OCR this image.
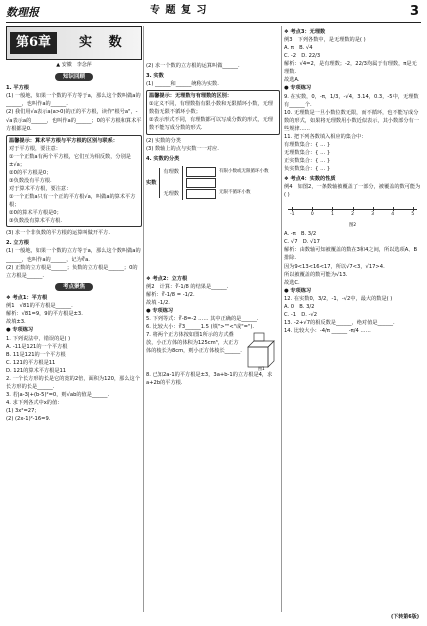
数理报	专 题 复 习	3
第6章	实 数
▲ 安徽　李念萍
知识回顾
1. 平方根
(1) 一般地，如果一个数的平方等于a，那么这个数叫做a的______，也叫作a的______.
(2) 我们用√a表示a(a>0)的正的平方根，读作"根号a"，-√a表示a的______，也叫作a的______；0的平方根和算术平方根都是0.
温馨提示：算术平方根与平方根的区别与联系：
对于平方根，要注意：
①一个正数a有两个平方根，它们互为相反数，分别是±√a；
②0的平方根是0；
③负数没有平方根.
对于算术平方根，要注意：
①一个正数a只有一个正的平方根√a，叫做a的算术平方根；
②0的算术平方根是0；
③负数没有算术平方根.
(3) 求一个非负数的平方根的运算叫做开平方.
2. 立方根
(1) 一般地，如果一个数的立方等于a，那么这个数叫做a的______，也叫作a的______，记为∛a.
(2) 正数的立方根是______；负数的立方根是______；0的立方根是______.
考点聚焦
❖ 考点1：平方根
例1　√81的平方根是______.
解析：√81=9，9的平方根是±3.
故填±3.
● 专项练习
1. 下列说法中，错误的是( )
A. -11是121的一个平方根
B. 11是121的一个平方根
C. 121的平方根是11
D. 121的算术平方根是11
2. 一个长方形的长是它的宽的2倍，面积为120，那么这个长方形的长是______.
3. 若|a-3|+(b-5)²=0，则√ab的值是______.
4. 求下列各式中x的值：
(1) 3x²=27；
(2) (2x-1)²-16=9.
(2) 求一个数的立方根的运算叫做______.
3. 实数
(1) ______和______统称为实数.
温馨提示：无理数与有理数的区别：
①定义不同，有理数指有限小数和无限循环小数，无理数指无限不循环小数；
②表示形式不同，有理数都可以写成分数的形式，无理数不能写成分数的形式.
(2) 实数的分类
(3) 数轴上的点与实数一一对应.
4. 实数的分类
实数
有理数
无理数
有限小数或无限循环小数
无限不循环小数
❖ 考点2：立方根
例2　计算：∛-1/8 的结果是______.
解析：∛-1/8 = -1/2.
故填 -1/2.
● 专项练习
5. 下列等式：∛-8=-2 …… 其中正确的是______.
6. 比较大小：∛3______1.5 (填">""<"或"=").
7. 将两个正方体按如图1所示的方式叠放，小正方体的体积为125cm³，大正方体的棱长为8cm，则小正方体棱长______.
图1
8. 已知2a-1的平方根是±3，3a+b-1的立方根是4，求a+2b的平方根.
❖ 考点3：无理数
例3　下列各数中，是无理数的是( )
A. π　B. √4
C. -2　D. 22/3
解析：√4=2，是有理数；-2，22/3均属于有理数，π是无理数.
故选A.
● 专项练习
9. 在实数，0，-π，1/3，-√4，3.14，0.3，-5中，无理数有______个.
10. 无理数是一旦小数位数无限，而不循环，也不能写成分数的形式，如果将无理数用小数近似表示，其小数部分有一些规律……
11. 把下列各数填入相应的集合中：
有理数集合：{ … }
无理数集合：{ … }
正实数集合：{ … }
负实数集合：{ … }
❖ 考点4：实数的性质
例4　如图2，一条数轴被覆盖了一部分，被覆盖的数可能为( )
-1	0	1	2	3	4	5
图2
A. -π　B. 3/2
C. √7　D. √17
解析：由数轴可知被覆盖的数在3和4之间，所以选项A、B排除.
因为9<13<16<17，所以√7<3，√17>4.
所以被覆盖的数可能为√13.
故选C.
● 专项练习
12. 在实数0，3/2，-1，-√2中，最大的数是( )
A. 0　B. 3/2
C. -1　D. -√2
13. -2+√7的相反数是______，绝对值是______.
14. 比较大小：-4/π ______ -π/4 ……
(下转第6版)
